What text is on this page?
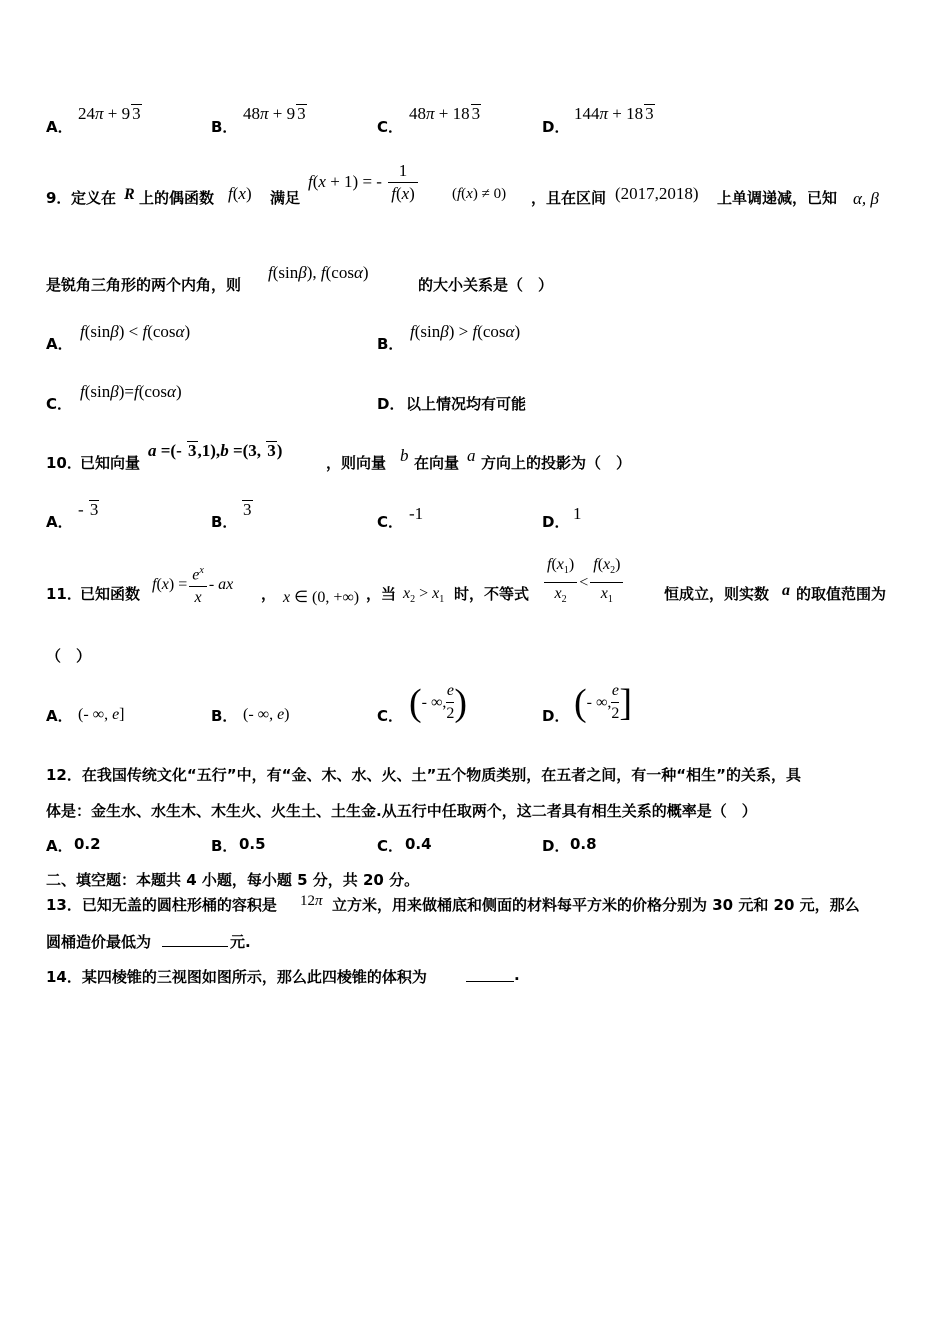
A．
24π + 9 3
B．
48π + 9 3
C．
48π + 18 3
D．
144π + 18 3
9． 定义在 R 上的偶函数 f(x) 满足
f(x + 1) = - $\frac{1}{f(x)} (f(x) \ne 0)$ ，且在区间 (2017,2018) 上单调递减，已知 α, β
是锐角三角形的两个内角，则
f(sinβ), f(cosα)
的大小关系是（　）
A．
f(sinβ) < f(cosα)
B．
f(sinβ) > f(cosα)
C．
f(sinβ)=f(cosα)
D． 以上情况均有可能
10．
已知向量
a =(- 3,1),b =(3, 3)
，则向量 b 在向量 a 方向上的投影为（　）
A．
- 3
B．
3
C． -1	D． 1
11．
已知函数
$f(x) = \frac{e^x}{x}$ - ax
， x ∈ (0, +∞) ，当 $x_2 > x_1$ 时，不等式 $\frac{f(x_1)}{x_2} < \frac{f(x_2)}{x_1}$	恒成立，则实数 a 的取值范围为
（　）
A． (- ∞, e]	B． (- ∞, e)	C． (- ∞, $\frac{e}{2}$ )	D． (- ∞, $\frac{e}{2}$ ]
12．在我国传统文化“五行”中，有“金、木、水、火、土”五个物质类别，在五者之间，有一种“相生”的关系，具
体是：金生水、水生木、木生火、火生土、土生金.从五行中任取两个，这二者具有相生关系的概率是（　）
A． 0.2	B． 0.5	C． 0.4	D． 0.8
二、填空题：本题共 4 小题，每小题 5 分，共 20 分。
13．已知无盖的圆柱形桶的容积是 12π 立方米，用来做桶底和侧面的材料每平方米的价格分别为 30 元和 20 元，那么
圆桶造价最低为	元.
14．某四棱锥的三视图如图所示，那么此四棱锥的体积为	.
